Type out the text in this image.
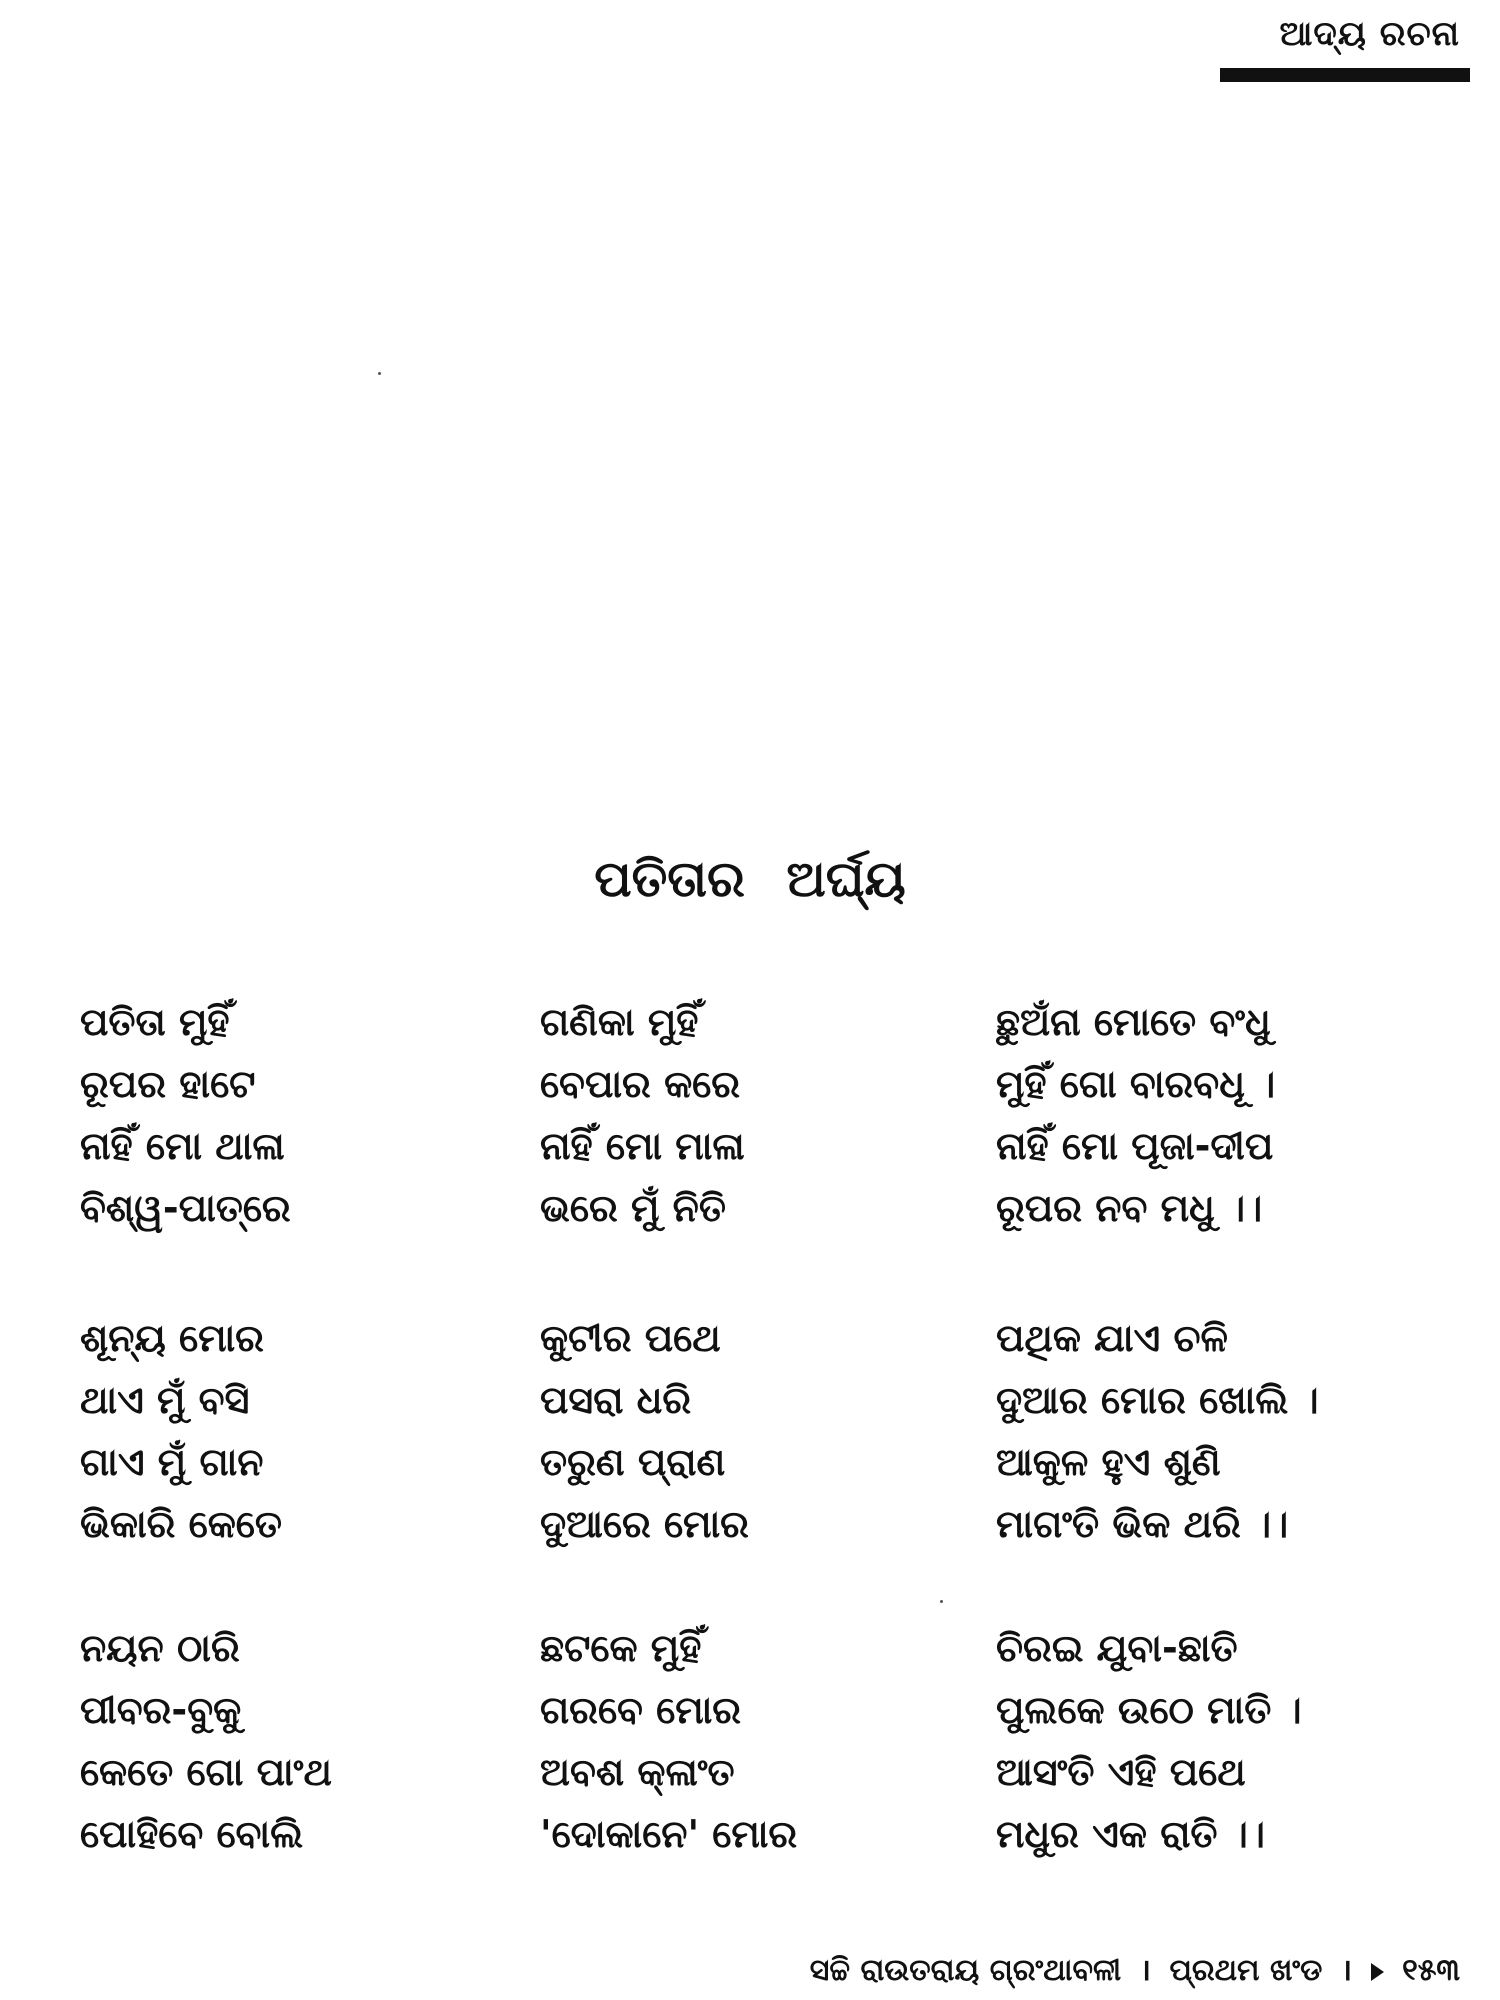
ଆଦ୍ୟ ରଚନା
ପତିତାର ଅର୍ଘ୍ୟ
ପତିତା ମୁହିଁ	ଗଣିକା ମୁହିଁ	ଛୁଅଁନା ମୋତେ ବଂଧୁ
ରୂପର ହାଟେ	ବେପାର କରେ	ମୁହିଁ ଗୋ ବାରବଧୂ ।
ନାହିଁ ମୋ ଥାଳା	ନାହିଁ ମୋ ମାଳା	ନାହିଁ ମୋ ପୂଜା-ଦୀପ
ବିଶ୍ୱ-ପାତ୍ରେ	ଭରେ ମୁଁ ନିତି	ରୂପର ନବ ମଧୁ ।।
ଶୂନ୍ୟ ମୋର	କୁଟୀର ପଥେ	ପଥିକ ଯାଏ ଚଳି
ଥାଏ ମୁଁ ବସି	ପସରା ଧରି	ଦୁଆର ମୋର ଖୋଲି ।
ଗାଏ ମୁଁ ଗାନ	ତରୁଣ ପ୍ରାଣ	ଆକୁଳ ହୁଏ ଶୁଣି
ଭିକାରି କେତେ	ଦୁଆରେ ମୋର	ମାଗଂତି ଭିକ ଥରି ।।
ନୟନ ଠାରି	ଛଟକେ ମୁହିଁ	ଚିରଇ ଯୁବା-ଛାତି
ପୀବର-ବୁକୁ	ଗରବେ ମୋର	ପୁଲକେ ଉଠେ ମାତି ।
କେତେ ଗୋ ପାଂଥ	ଅବଶ କ୍ଳାଂତ	ଆସଂତି ଏହି ପଥେ
ପୋହିବେ ବୋଲି	'ଦୋକାନେ' ମୋର	ମଧୁର ଏକ ରାତି ।।
ସଚ୍ଚି ରାଉତରାୟ ଗ୍ରଂଥାବଳୀ । ପ୍ରଥମ ଖଂଡ । ୧୫୩
